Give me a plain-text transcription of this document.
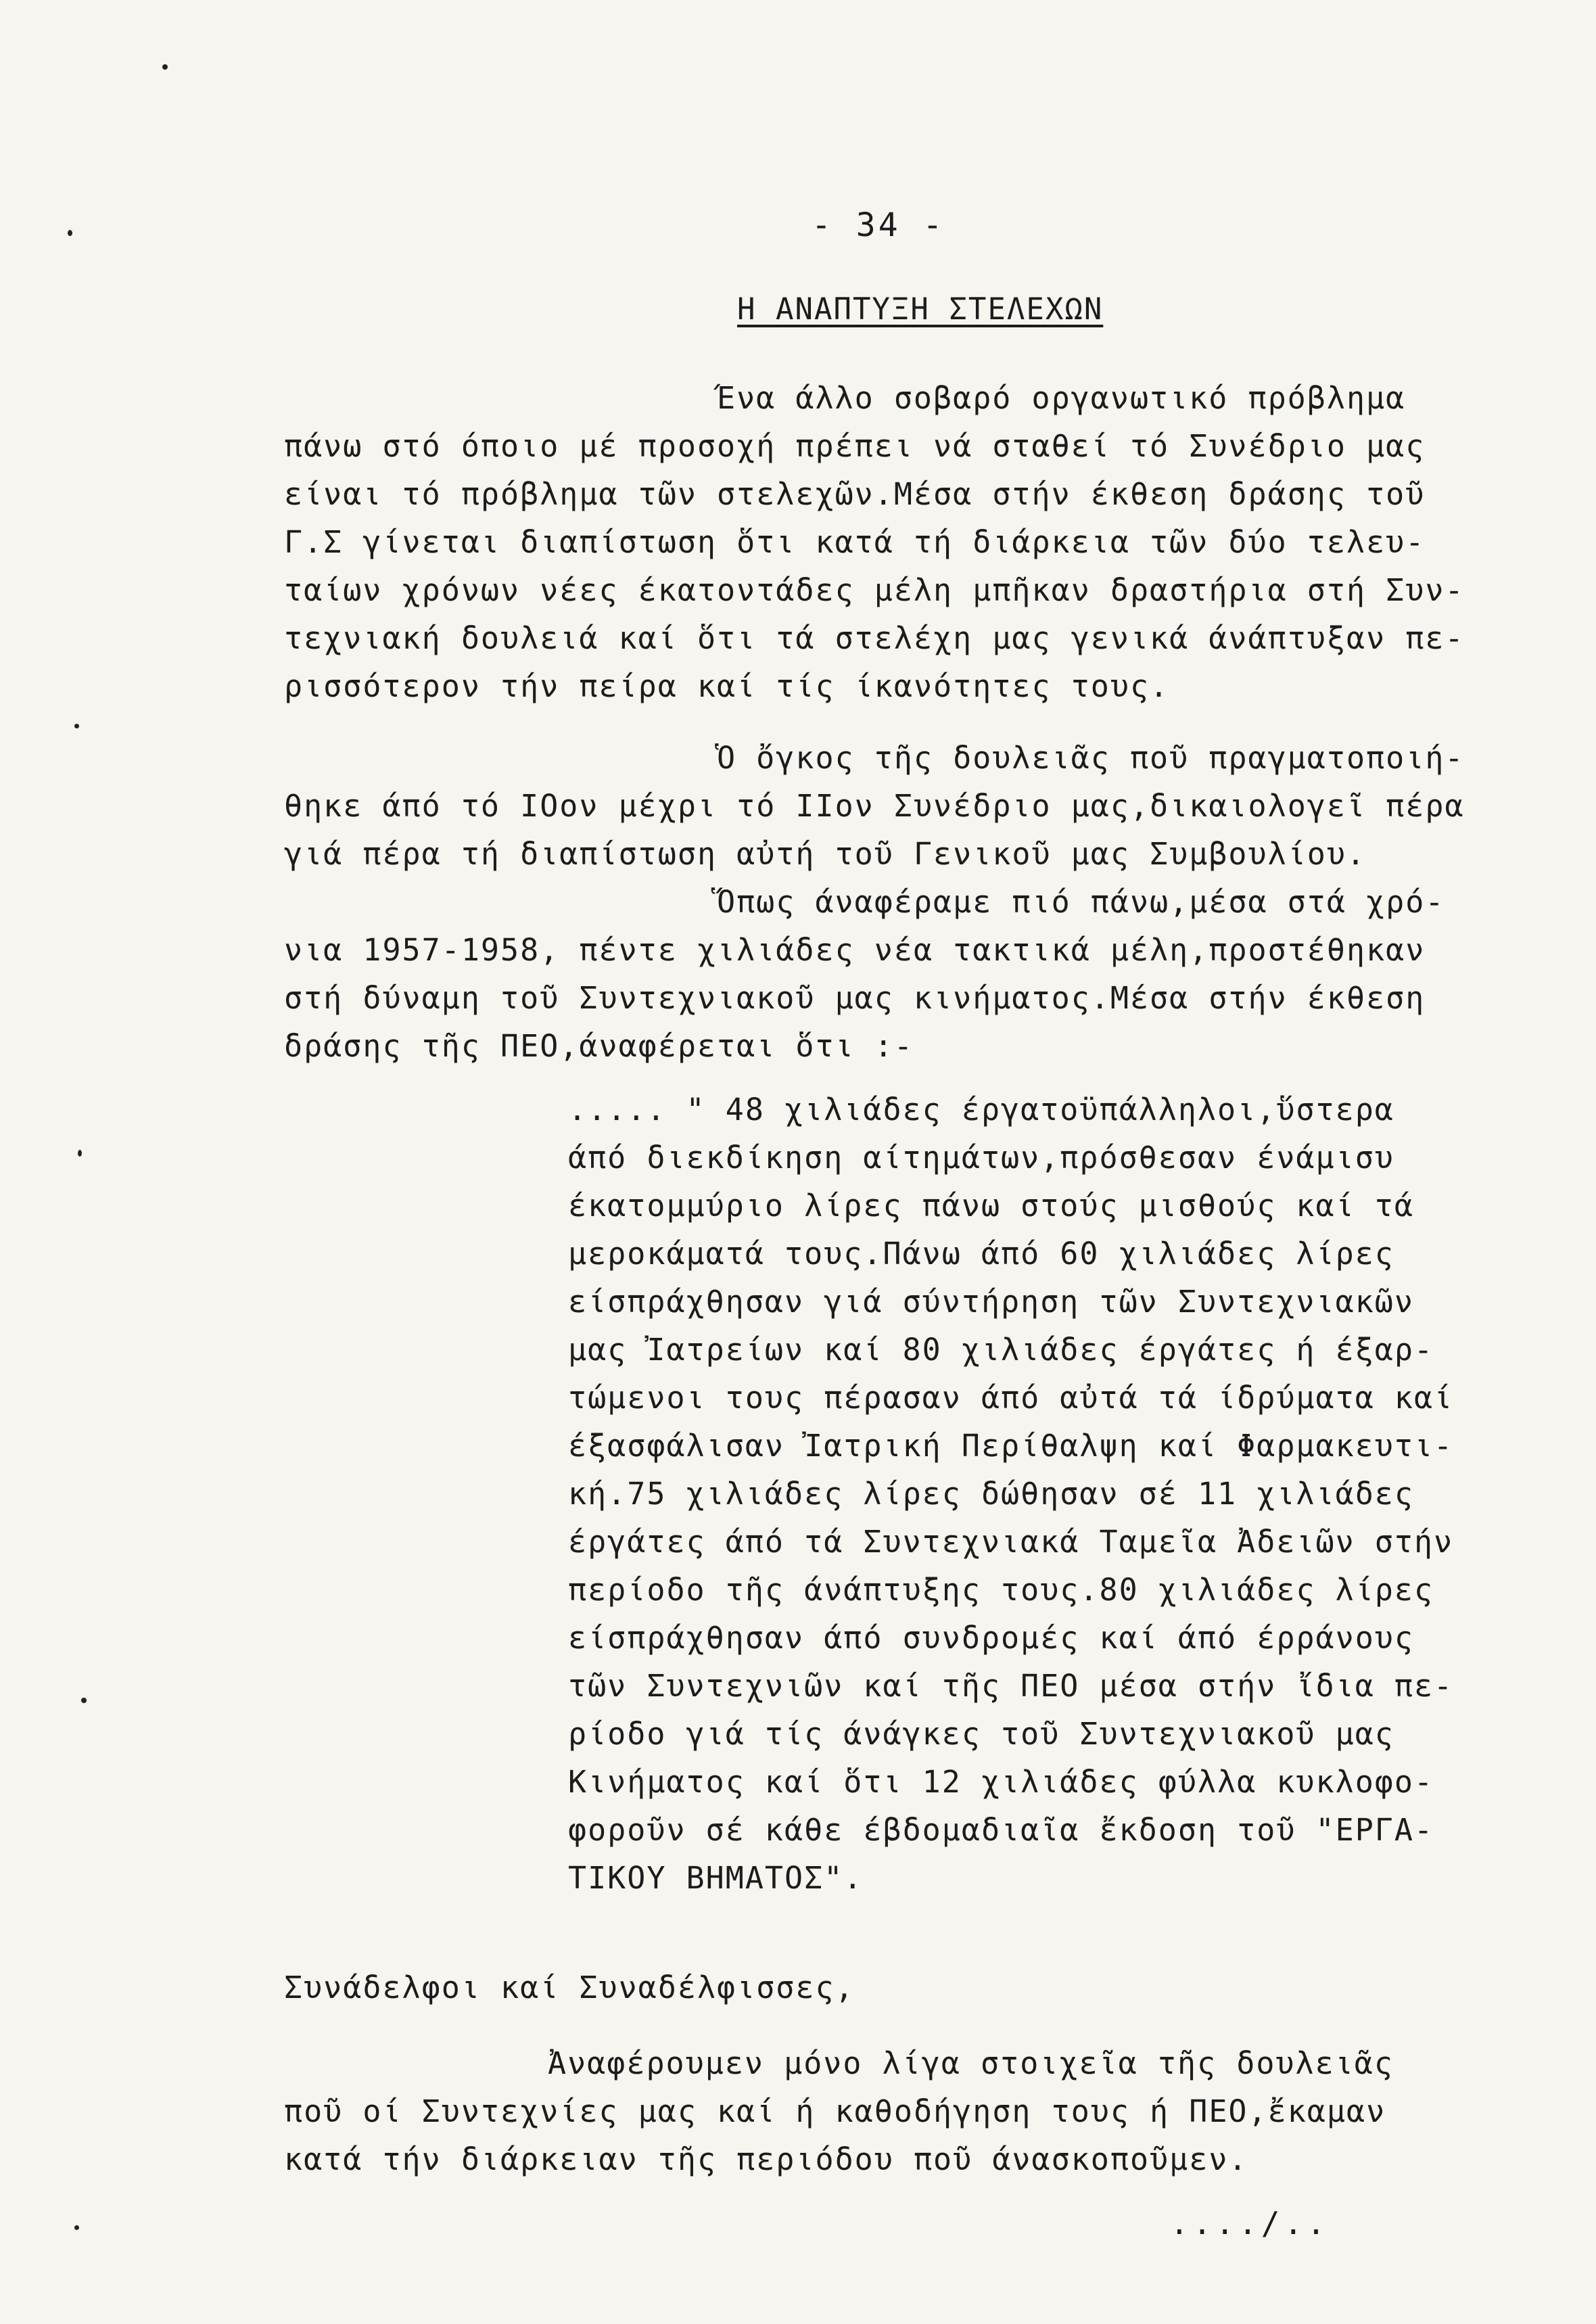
- 34 -
Η ΑΝΑΠΤΥΞΗ ΣΤΕΛΕΧΩΝ
Ένα άλλο σοβαρό οργανωτικό πρόβλημα
πάνω στό όποιο μέ προσοχή πρέπει νά σταθεί τό Συνέδριο μας
είναι τό πρόβλημα τῶν στελεχῶν.Μέσα στήν έκθεση δράσης τοῦ
Γ.Σ γίνεται διαπίστωση ὅτι κατά τή διάρκεια τῶν δύο τελευ-
ταίων χρόνων νέες έκατοντάδες μέλη μπῆκαν δραστήρια στή Συν-
τεχνιακή δουλειά καί ὅτι τά στελέχη μας γενικά άνάπτυξαν πε-
ρισσότερον τήν πείρα καί τίς ίκανότητες τους.
Ὁ ὄγκος τῆς δουλειᾶς ποῦ πραγματοποιή-
θηκε άπό τό ΙΟον μέχρι τό ΙΙον Συνέδριο μας,δικαιολογεῖ πέρα
γιά πέρα τή διαπίστωση αὐτή τοῦ Γενικοῦ μας Συμβουλίου.
Ὅπως άναφέραμε πιό πάνω,μέσα στά χρό-
νια 1957-1958, πέντε χιλιάδες νέα τακτικά μέλη,προστέθηκαν
στή δύναμη τοῦ Συντεχνιακοῦ μας κινήματος.Μέσα στήν έκθεση
δράσης τῆς ΠΕΟ,άναφέρεται ὅτι :-
..... " 48 χιλιάδες έργατοϋπάλληλοι,ὕστερα
άπό διεκδίκηση αίτημάτων,πρόσθεσαν ένάμισυ
έκατομμύριο λίρες πάνω στούς μισθούς καί τά
μεροκάματά τους.Πάνω άπό 60 χιλιάδες λίρες
είσπράχθησαν γιά σύντήρηση τῶν Συντεχνιακῶν
μας Ἰατρείων καί 80 χιλιάδες έργάτες ή έξαρ-
τώμενοι τους πέρασαν άπό αὐτά τά ίδρύματα καί
έξασφάλισαν Ἰατρική Περίθαλψη καί Φαρμακευτι-
κή.75 χιλιάδες λίρες δώθησαν σέ 11 χιλιάδες
έργάτες άπό τά Συντεχνιακά Ταμεῖα Ἀδειῶν στήν
περίοδο τῆς άνάπτυξης τους.80 χιλιάδες λίρες
είσπράχθησαν άπό συνδρομές καί άπό έρράνους
τῶν Συντεχνιῶν καί τῆς ΠΕΟ μέσα στήν ἴδια πε-
ρίοδο γιά τίς άνάγκες τοῦ Συντεχνιακοῦ μας
Κινήματος καί ὅτι 12 χιλιάδες φύλλα κυκλοφο-
φοροῦν σέ κάθε έβδομαδιαῖα ἔκδοση τοῦ "ΕΡΓΑ-
ΤΙΚΟΥ ΒΗΜΑΤΟΣ".
Συνάδελφοι καί Συναδέλφισσες,
Ἀναφέρουμεν μόνο λίγα στοιχεῖα τῆς δουλειᾶς
ποῦ οί Συντεχνίες μας καί ή καθοδήγηση τους ή ΠΕΟ,ἔκαμαν
κατά τήν διάρκειαν τῆς περιόδου ποῦ άνασκοποῦμεν.
..../..
